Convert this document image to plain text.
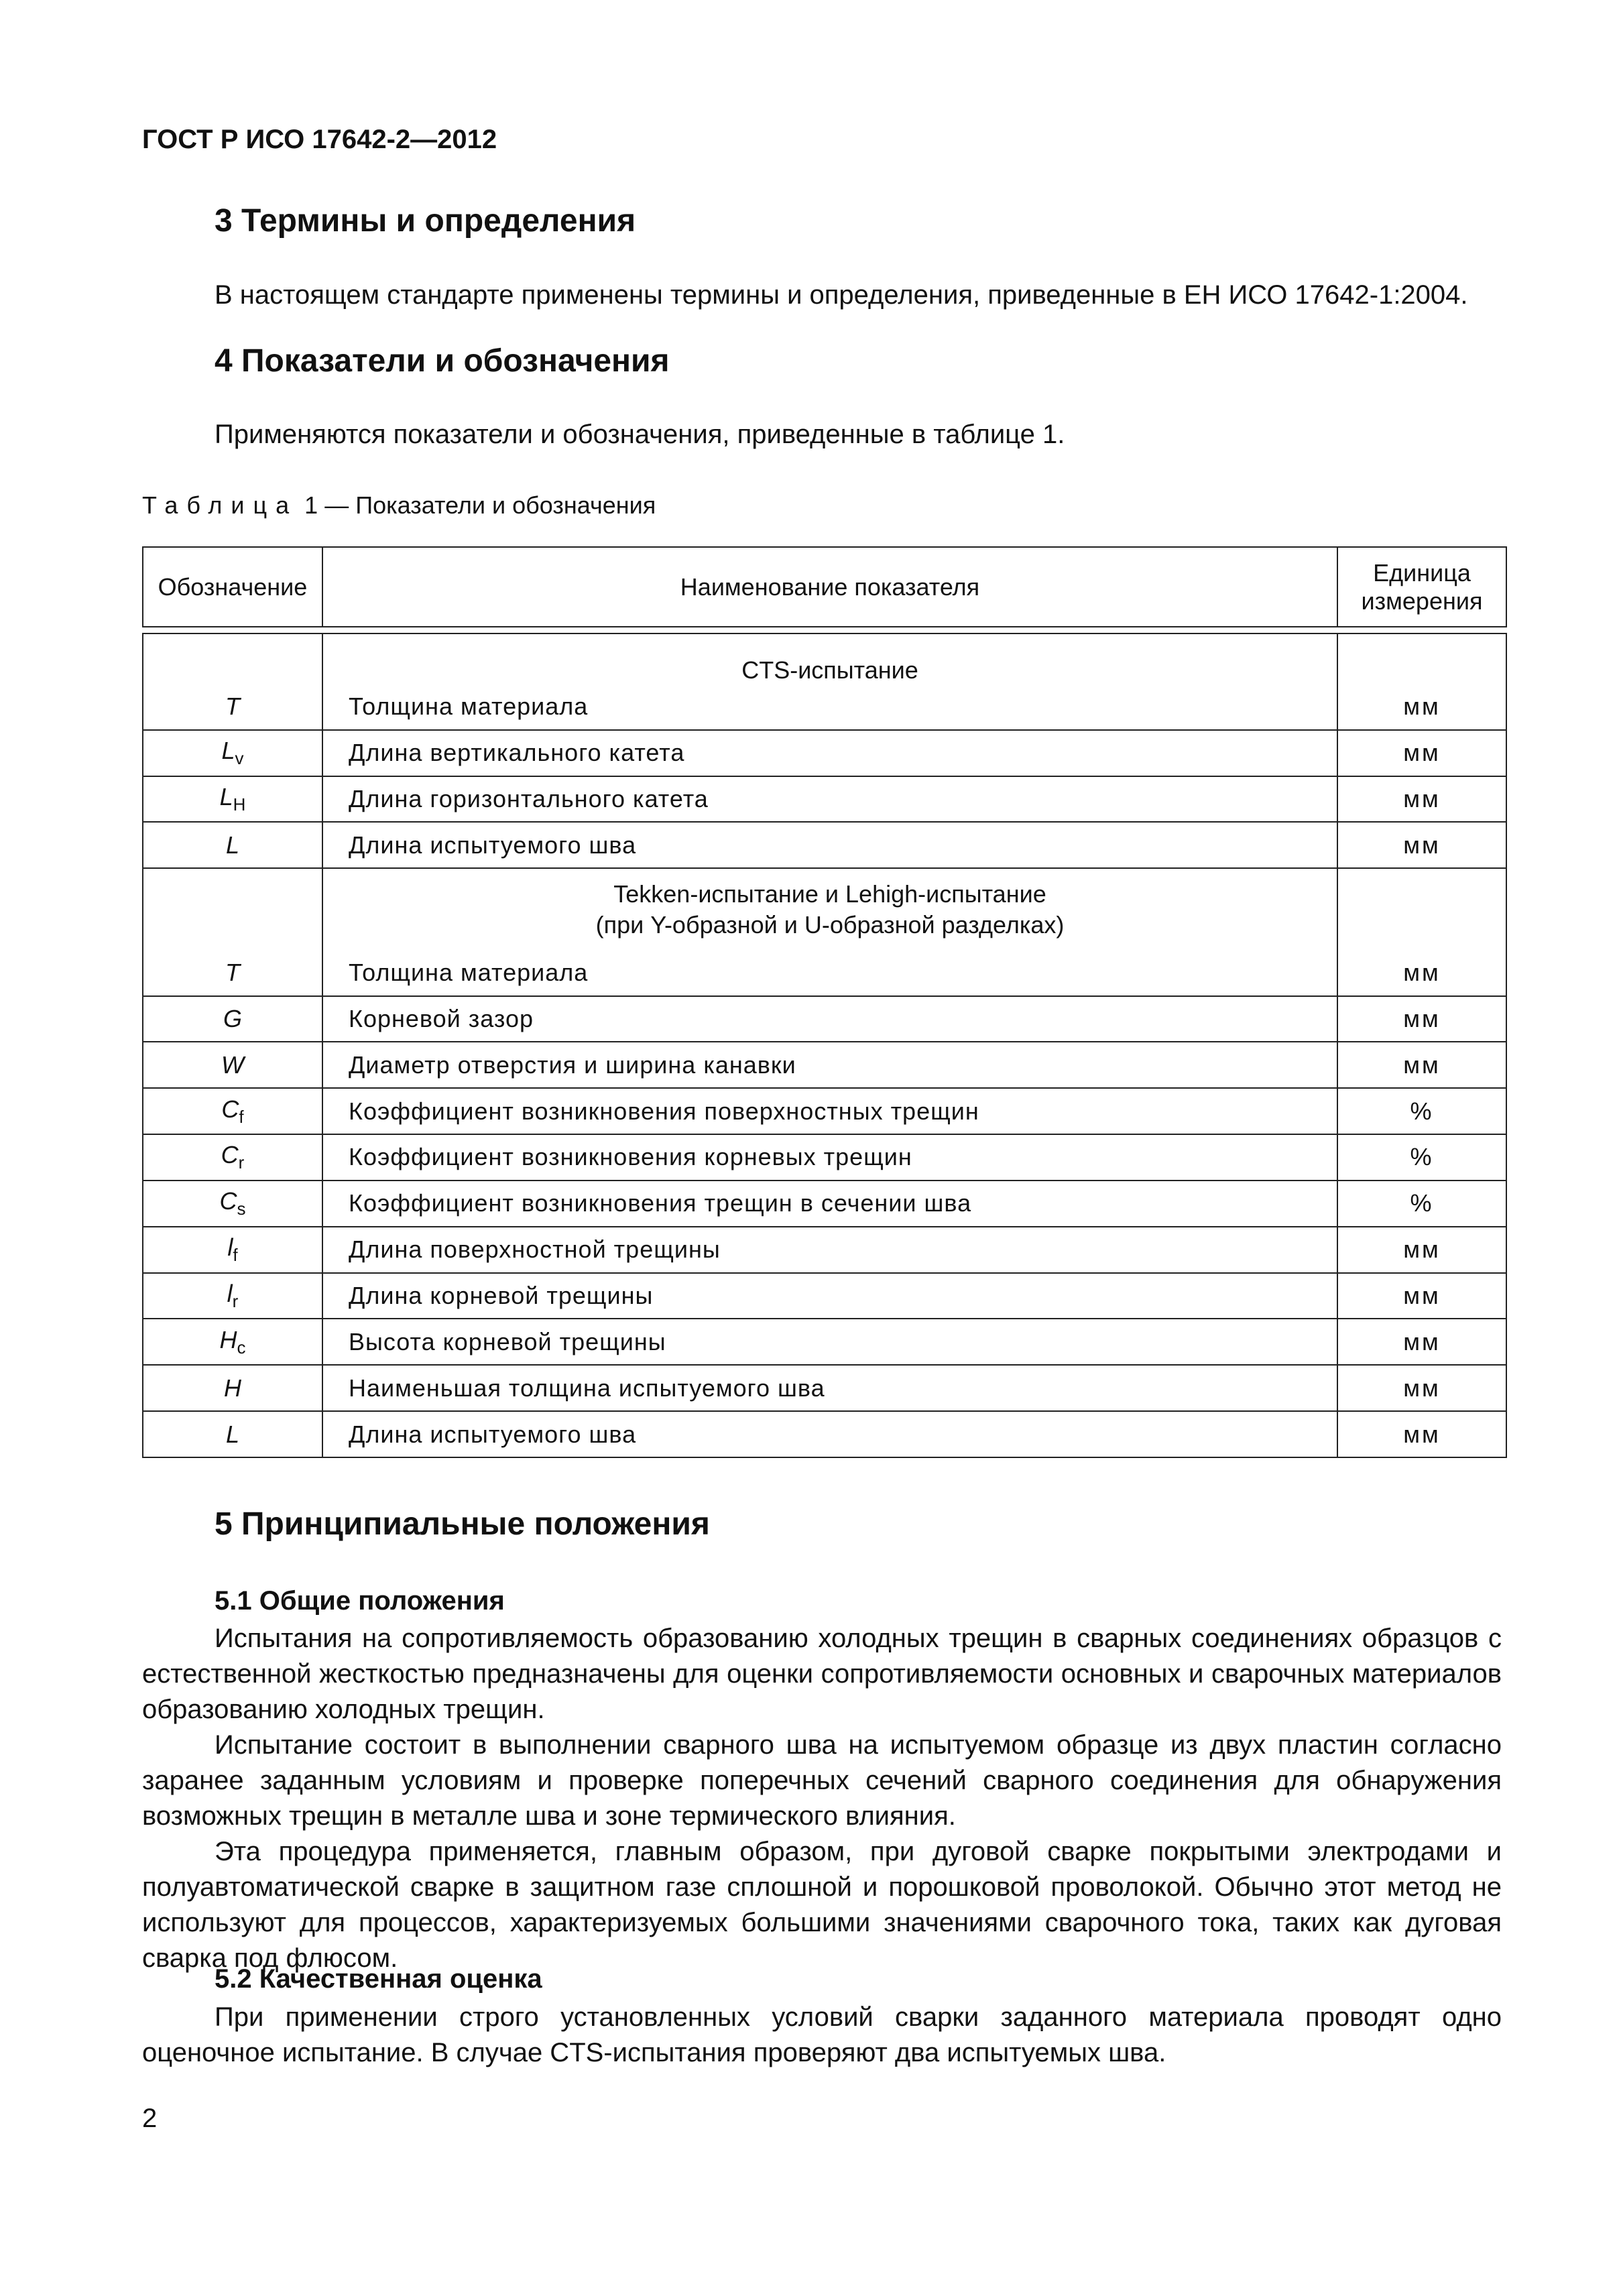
ГОСТ Р ИСО 17642-2—2012
3 Термины и определения
В настоящем стандарте применены термины и определения, приведенные в ЕН ИСО 17642-1:2004.
4 Показатели и обозначения
Применяются показатели и обозначения, приведенные в таблице 1.
Таблица 1 — Показатели и обозначения
Обозначение	Наименование показателя	Единица
измерения

	CTS-испытание	

T	Толщина материала	мм
$L_v$	Длина вертикального катета	мм
$L_H$	Длина горизонтального катета	мм
L	Длина испытуемого шва	мм

	Tekken-испытание и Lehigh-испытание
(при Y-образной и U-образной разделках)	

T	Толщина материала	мм
G	Корневой зазор	мм
W	Диаметр отверстия и ширина канавки	мм
$C_f$	Коэффициент возникновения поверхностных трещин	%
$C_r$	Коэффициент возникновения корневых трещин	%
$C_s$	Коэффициент возникновения трещин в сечении шва	%
$l_f$	Длина поверхностной трещины	мм
$l_r$	Длина корневой трещины	мм
$H_c$	Высота корневой трещины	мм
H	Наименьшая толщина испытуемого шва	мм
L	Длина испытуемого шва	мм
5 Принципиальные положения
5.1 Общие положения

Испытания на сопротивляемость образованию холодных трещин в сварных соединениях образцов с естественной жесткостью предназначены для оценки сопротивляемости основных и сварочных материалов образованию холодных трещин.

Испытание состоит в выполнении сварного шва на испытуемом образце из двух пластин согласно заранее заданным условиям и проверке поперечных сечений сварного соединения для обнаружения возможных трещин в металле шва и зоне термического влияния.

Эта процедура применяется, главным образом, при дуговой сварке покрытыми электродами и полуавтоматической сварке в защитном газе сплошной и порошковой проволокой. Обычно этот метод не используют для процессов, характеризуемых большими значениями сварочного тока, таких как дуговая сварка под флюсом.

5.2 Качественная оценка

При применении строго установленных условий сварки заданного материала проводят одно оценочное испытание. В случае CTS-испытания проверяют два испытуемых шва.

2
